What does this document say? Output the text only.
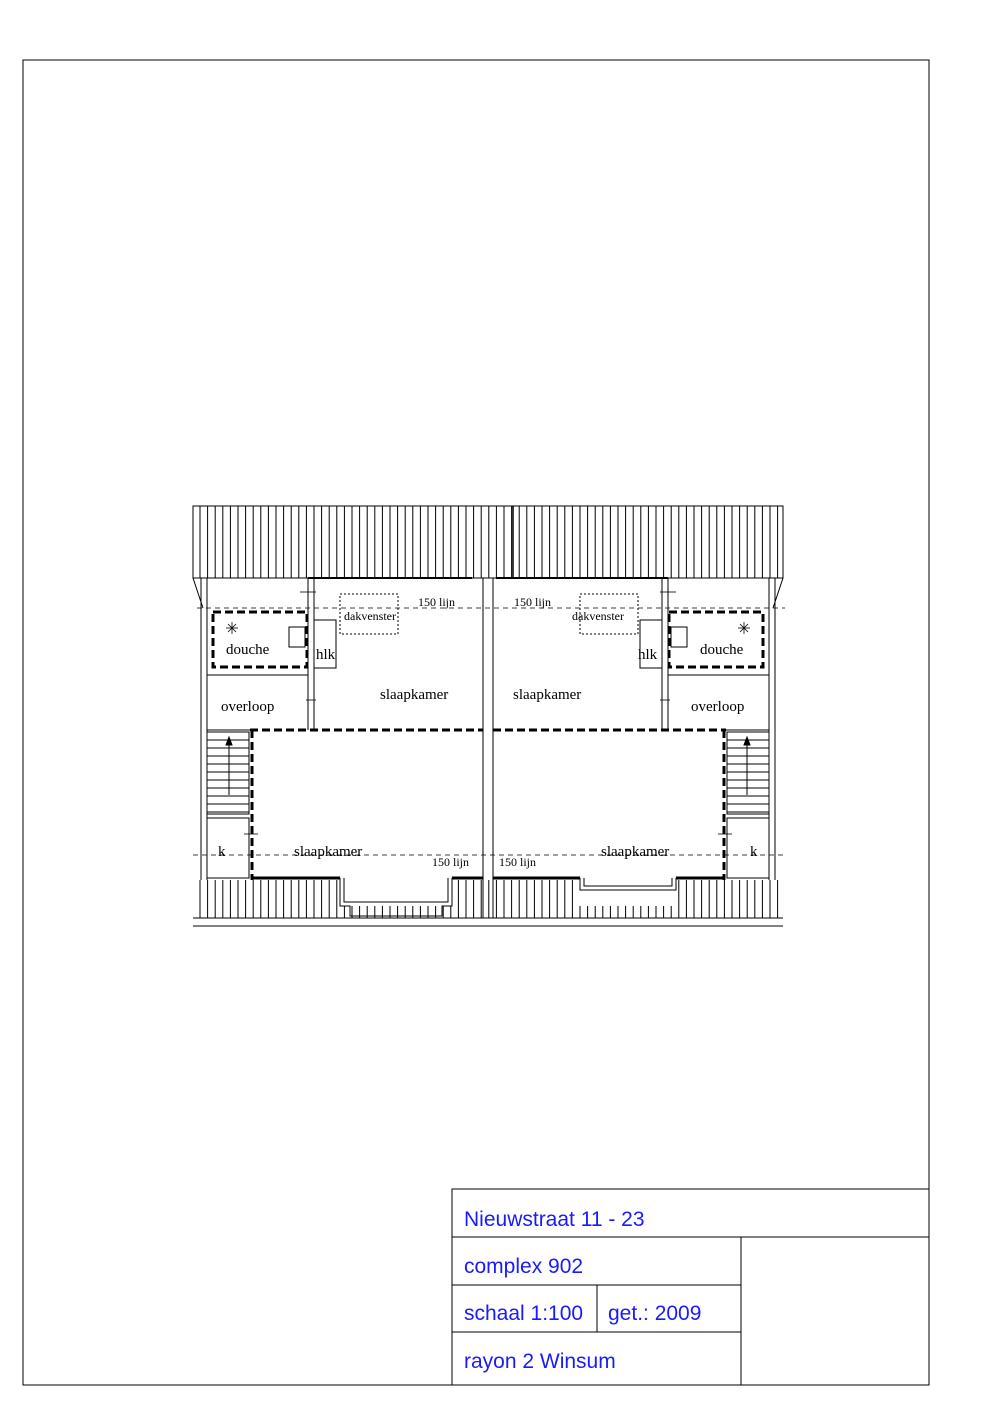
douche	douche
hlk	hlk
dakvenster	dakvenster
slaapkamer	slaapkamer
overloop	overloop
slaapkamer	slaapkamer
k	k
150 lijn	150 lijn
150 lijn 150 lijn
Nieuwstraat 11 - 23
complex 902
schaal 1:100 get.: 2009
rayon 2 Winsum
